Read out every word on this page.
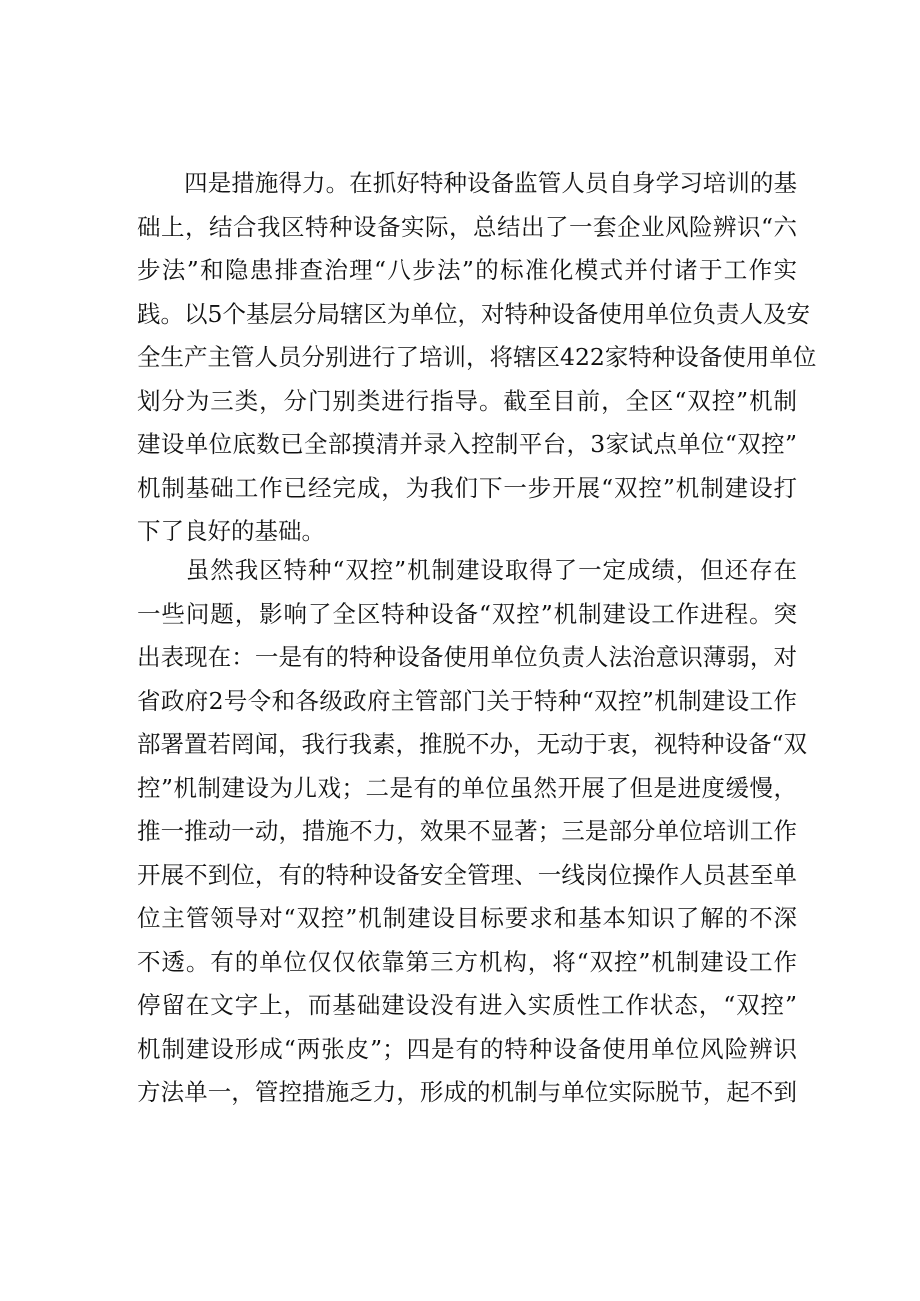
　　四是措施得力。在抓好特种设备监管人员自身学习培训的基
础上，结合我区特种设备实际，总结出了一套企业风险辨识“六
步法”和隐患排查治理“八步法”的标准化模式并付诸于工作实
践。以5个基层分局辖区为单位，对特种设备使用单位负责人及安
全生产主管人员分别进行了培训，将辖区422家特种设备使用单位
划分为三类，分门别类进行指导。截至目前，全区“双控”机制
建设单位底数已全部摸清并录入控制平台，3家试点单位“双控”
机制基础工作已经完成，为我们下一步开展“双控”机制建设打
下了良好的基础。
　　虽然我区特种“双控”机制建设取得了一定成绩，但还存在
一些问题，影响了全区特种设备“双控”机制建设工作进程。突
出表现在：一是有的特种设备使用单位负责人法治意识薄弱，对
省政府2号令和各级政府主管部门关于特种“双控”机制建设工作
部署置若罔闻，我行我素，推脱不办，无动于衷，视特种设备“双
控”机制建设为儿戏；二是有的单位虽然开展了但是进度缓慢，
推一推动一动，措施不力，效果不显著；三是部分单位培训工作
开展不到位，有的特种设备安全管理、一线岗位操作人员甚至单
位主管领导对“双控”机制建设目标要求和基本知识了解的不深
不透。有的单位仅仅依靠第三方机构，将“双控”机制建设工作
停留在文字上，而基础建设没有进入实质性工作状态，“双控”
机制建设形成“两张皮”；四是有的特种设备使用单位风险辨识
方法单一，管控措施乏力，形成的机制与单位实际脱节，起不到
